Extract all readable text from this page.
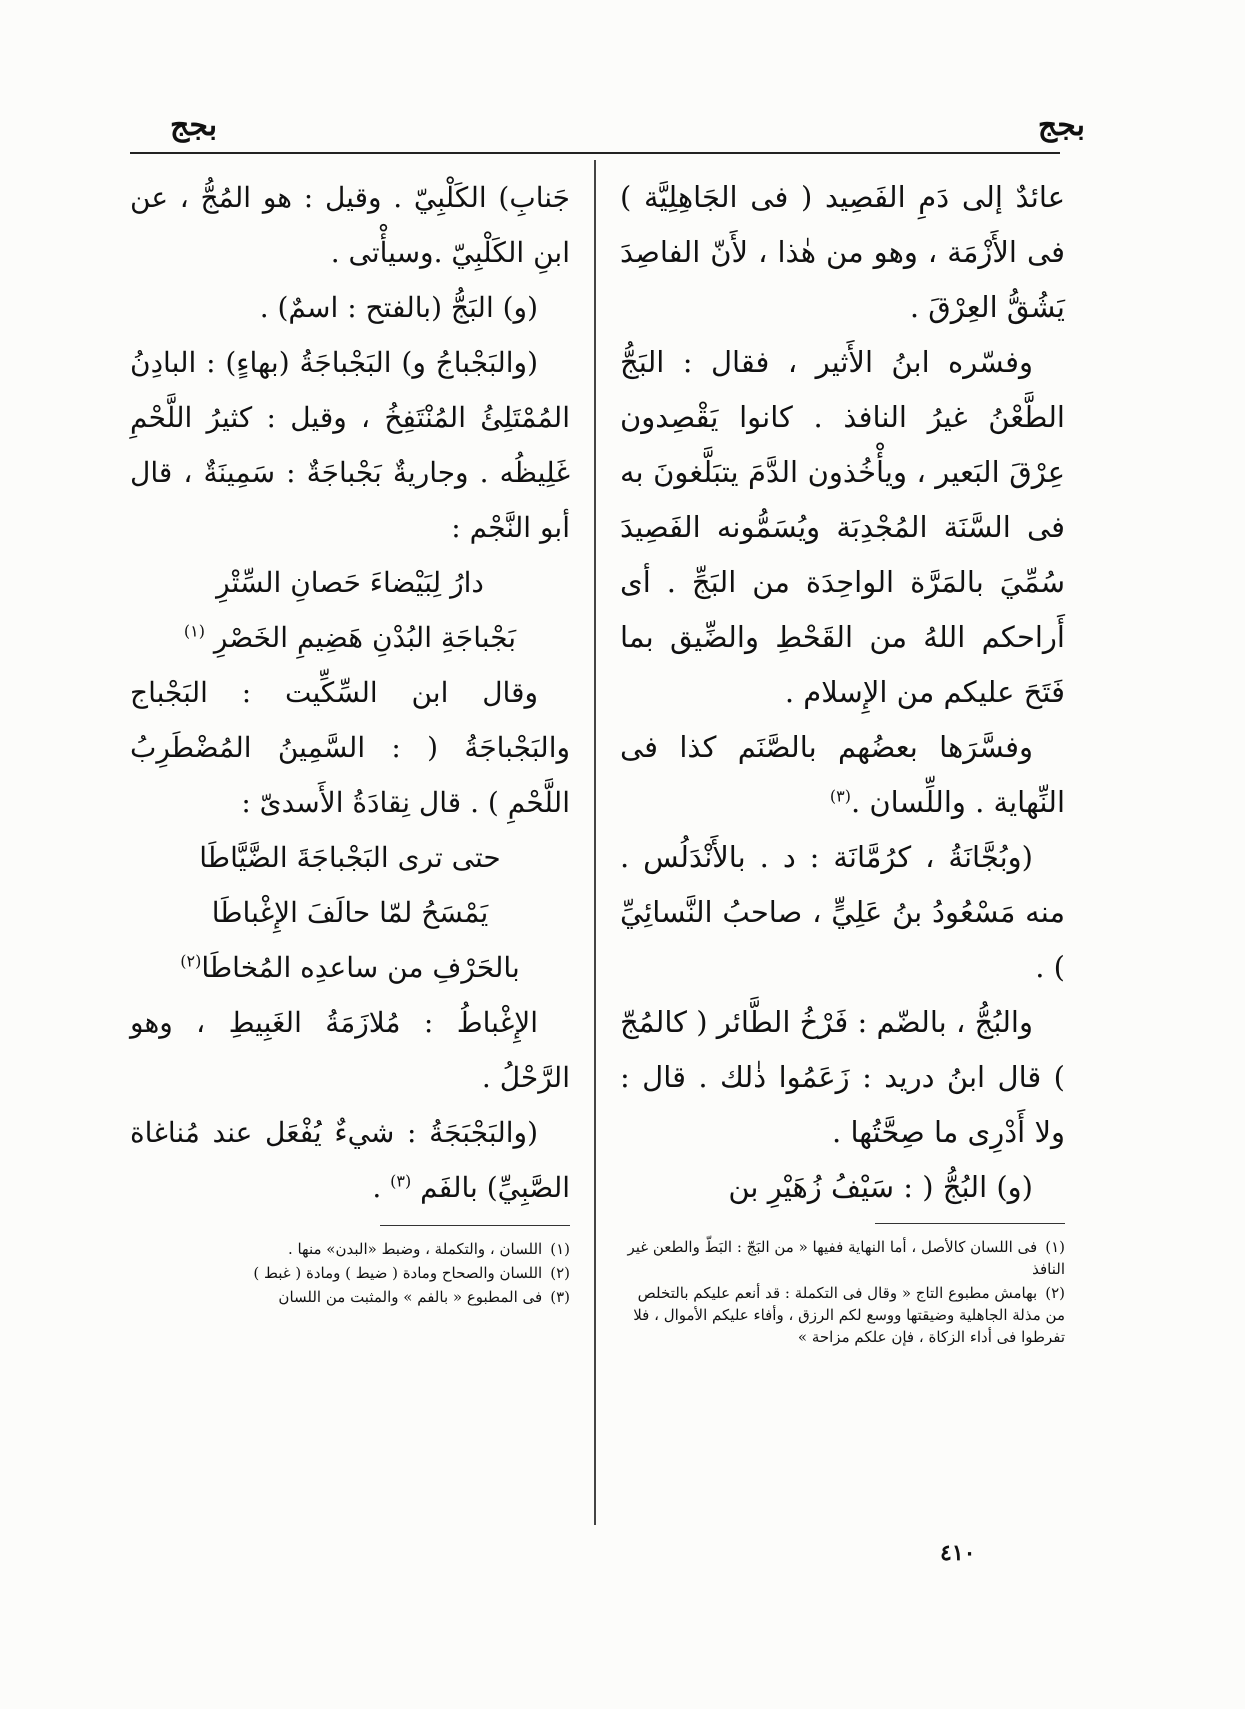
بجج
بجج

عائدٌ إلى دَمِ الفَصِيد ( فى الجَاهِلِيَّة ) فى الأَزْمَة ، وهو من هٰذا ، لأَنّ الفاصِدَ يَشُقُّ العِرْقَ .

وفسّره ابنُ الأَثير ، فقال : البَجُّ الطَّعْنُ غيرُ النافذ . كانوا يَقْصِدون عِرْقَ البَعير ، ويأْخُذون الدَّمَ يتبَلَّغونَ به فى السَّنَة المُجْدِبَة ويُسَمُّونه الفَصِيدَ سُمِّيَ بالمَرَّة الواحِدَة من البَجِّ . أى أَراحكم اللهُ من القَحْطِ والضِّيق بما فَتَحَ عليكم من الإِسلام .

وفسَّرَها بعضُهم بالصَّنَم كذا فى النِّهاية . واللِّسان .$^{(٣)}$

(وبُجَّانَةُ ، كرُمَّانَة : د . بالأَنْدَلُس . منه مَسْعُودُ بنُ عَلِيٍّ ، صاحبُ النَّسائِيِّ ) .

والبُجُّ ، بالضّم : فَرْخُ الطَّائر ( كالمُجّ ) قال ابنُ دريد : زَعَمُوا ذٰلك . قال : ولا أَدْرِى ما صِحَّتُها .

(و) البُجُّ ( : سَيْفُ زُهَيْرِ بن

(١)فى اللسان كالأصل ، أما النهاية ففيها « من البَجّ : البَطّ والطعن غير النافذ

(٢)بهامش مطبوع التاج « وقال فى التكملة : قد أنعم عليكم بالتخلص من مذلة الجاهلية وضيقتها ووسع لكم الرزق ، وأفاء عليكم الأموال ، فلا تفرطوا فى أداء الزكاة ، فإن علكم مزاحة »

جَنابِ) الكَلْبِيّ . وقيل : هو المُجُّ ، عن ابنِ الكَلْبِيّ .وسيأْتى .

(و) البَجُّ (بالفتح : اسمٌ) .

(والبَجْباجُ و) البَجْباجَةُ (بهاءٍ) : البادِنُ المُمْتَلِئُ المُنْتَفِخُ ، وقيل : كثيرُ اللَّحْمِ غَلِيظُه . وجاريةٌ بَجْباجَةٌ : سَمِينَةٌ ، قال أبو النَّجْم :

دارُ لِبَيْضاءَ حَصانِ السِّتْرِ

بَجْباجَةِ البُدْنِ هَضِيمِ الخَصْرِ $^{(١)}$

وقال ابن السِّكِّيت : البَجْباج والبَجْباجَةُ ( : السَّمِينُ المُضْطَرِبُ اللَّحْمِ ) . قال نِقادَةُ الأَسدىّ :

حتى ترى البَجْباجَةَ الضَّيَّاطَا

يَمْسَحُ لمّا حالَفَ الإِغْباطَا

بالحَرْفِ من ساعدِه المُخاطَا$^{(٢)}$

الإِغْباطُ : مُلازَمَةُ الغَبِيطِ ، وهو الرَّحْلُ .

(والبَجْبَجَةُ : شيءٌ يُفْعَل عند مُناغاة الصَّبِيِّ) بالفَم $^{(٣)}$ .

(١)اللسان ، والتكملة ، وضبط «البدن» منها .

(٢)اللسان والصحاح ومادة ( ضيط ) ومادة ( غبط )

(٣)فى المطبوع « بالفم » والمثبت من اللسان

٤١٠
